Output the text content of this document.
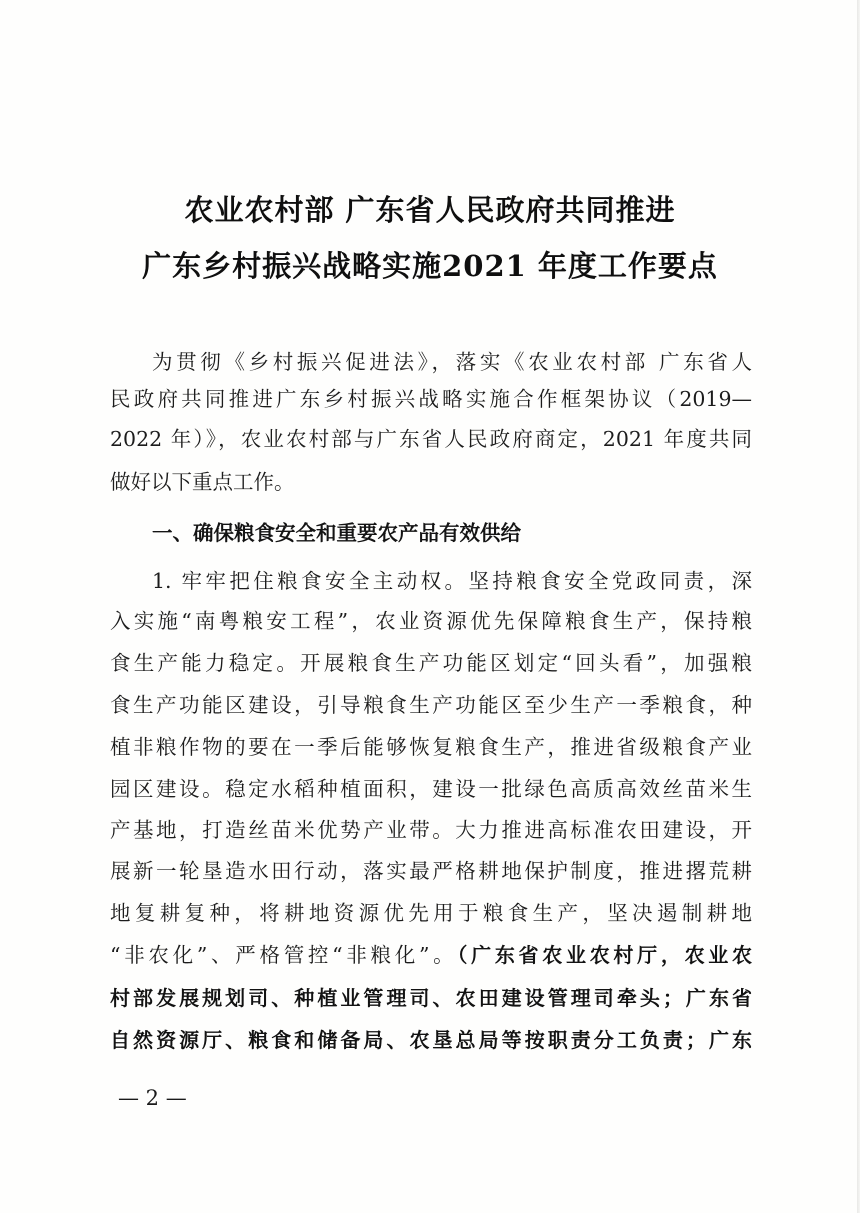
农业农村部 广东省人民政府共同推进
广东乡村振兴战略实施2021 年度工作要点
为贯彻《乡村振兴促进法》，落实《农业农村部 广东省人
民政府共同推进广东乡村振兴战略实施合作框架协议（2019—
2022 年）》，农业农村部与广东省人民政府商定，2021 年度共同
做好以下重点工作。
一、确保粮食安全和重要农产品有效供给
1. 牢牢把住粮食安全主动权。坚持粮食安全党政同责，深
入实施“南粤粮安工程”，农业资源优先保障粮食生产，保持粮
食生产能力稳定。开展粮食生产功能区划定“回头看”，加强粮
食生产功能区建设，引导粮食生产功能区至少生产一季粮食，种
植非粮作物的要在一季后能够恢复粮食生产，推进省级粮食产业
园区建设。稳定水稻种植面积，建设一批绿色高质高效丝苗米生
产基地，打造丝苗米优势产业带。大力推进高标准农田建设，开
展新一轮垦造水田行动，落实最严格耕地保护制度，推进撂荒耕
地复耕复种，将耕地资源优先用于粮食生产，坚决遏制耕地
“非农化”、严格管控“非粮化”。（广东省农业农村厅，农业农
村部发展规划司、种植业管理司、农田建设管理司牵头；广东省
自然资源厅、粮食和储备局、农垦总局等按职责分工负责；广东
— 2 —
